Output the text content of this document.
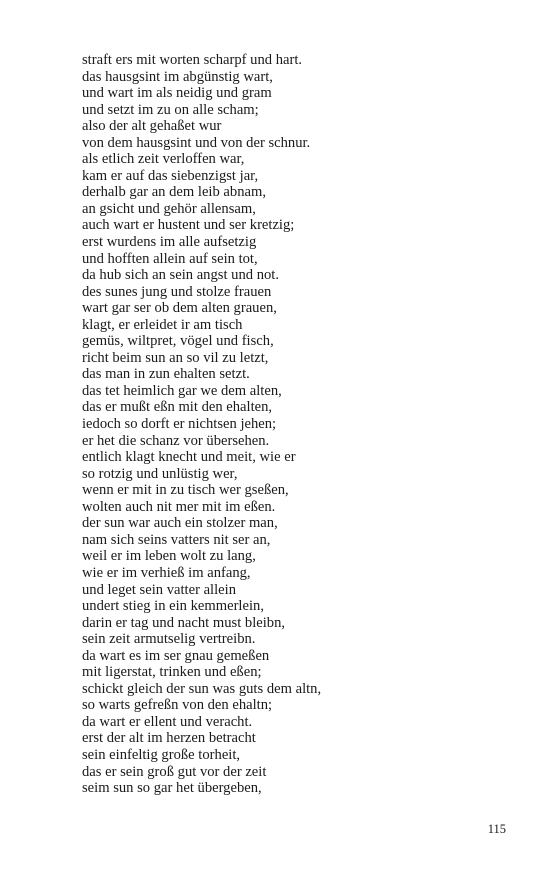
straft ers mit worten scharpf und hart.
das hausgsint im abgünstig wart,
und wart im als neidig und gram
und setzt im zu on alle scham;
also der alt gehaßet wur
von dem hausgsint und von der schnur.
als etlich zeit verloffen war,
kam er auf das siebenzigst jar,
derhalb gar an dem leib abnam,
an gsicht und gehör allensam,
auch wart er hustent und ser kretzig;
erst wurdens im alle aufsetzig
und hofften allein auf sein tot,
da hub sich an sein angst und not.
des sunes jung und stolze frauen
wart gar ser ob dem alten grauen,
klagt, er erleidet ir am tisch
gemüs, wiltpret, vögel und fisch,
richt beim sun an so vil zu letzt,
das man in zun ehalten setzt.
das tet heimlich gar we dem alten,
das er mußt eßn mit den ehalten,
iedoch so dorft er nichtsen jehen;
er het die schanz vor übersehen.
entlich klagt knecht und meit, wie er
so rotzig und unlüstig wer,
wenn er mit in zu tisch wer gseßen,
wolten auch nit mer mit im eßen.
der sun war auch ein stolzer man,
nam sich seins vatters nit ser an,
weil er im leben wolt zu lang,
wie er im verhieß im anfang,
und leget sein vatter allein
undert stieg in ein kemmerlein,
darin er tag und nacht must bleibn,
sein zeit armutselig vertreibn.
da wart es im ser gnau gemeßen
mit ligerstat, trinken und eßen;
schickt gleich der sun was guts dem altn,
so warts gefreßn von den ehaltn;
da wart er ellent und veracht.
erst der alt im herzen betracht
sein einfeltig große torheit,
das er sein groß gut vor der zeit
seim sun so gar het übergeben,
115
